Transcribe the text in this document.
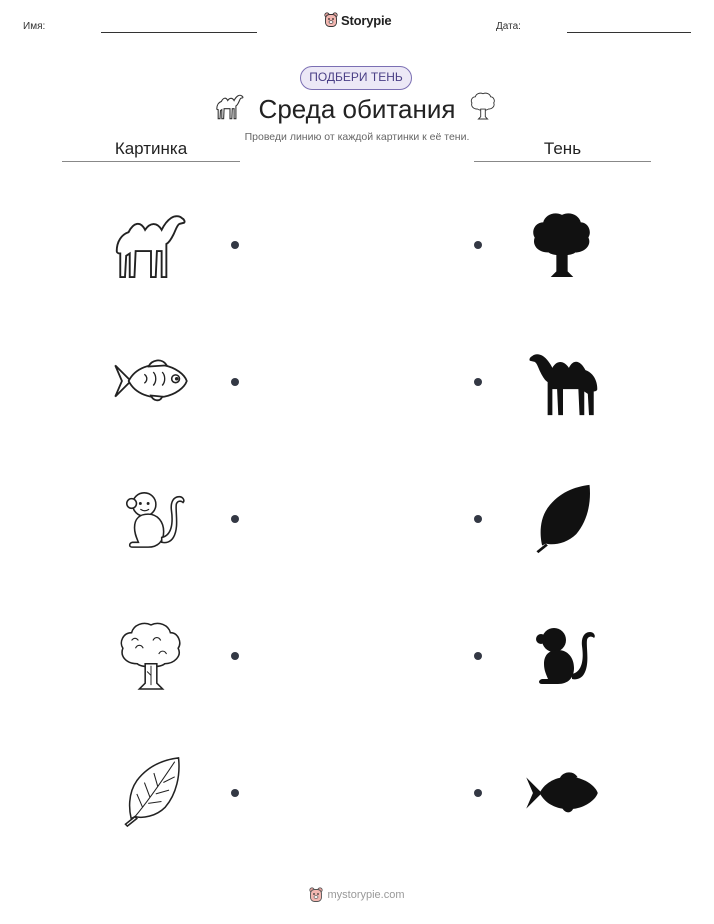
Имя:	Storypie	Дата:
ПОДБЕРИ ТЕНЬ
Среда обитания
Проведи линию от каждой картинки к её тени.
Картинка	Тень
mystorypie.com
